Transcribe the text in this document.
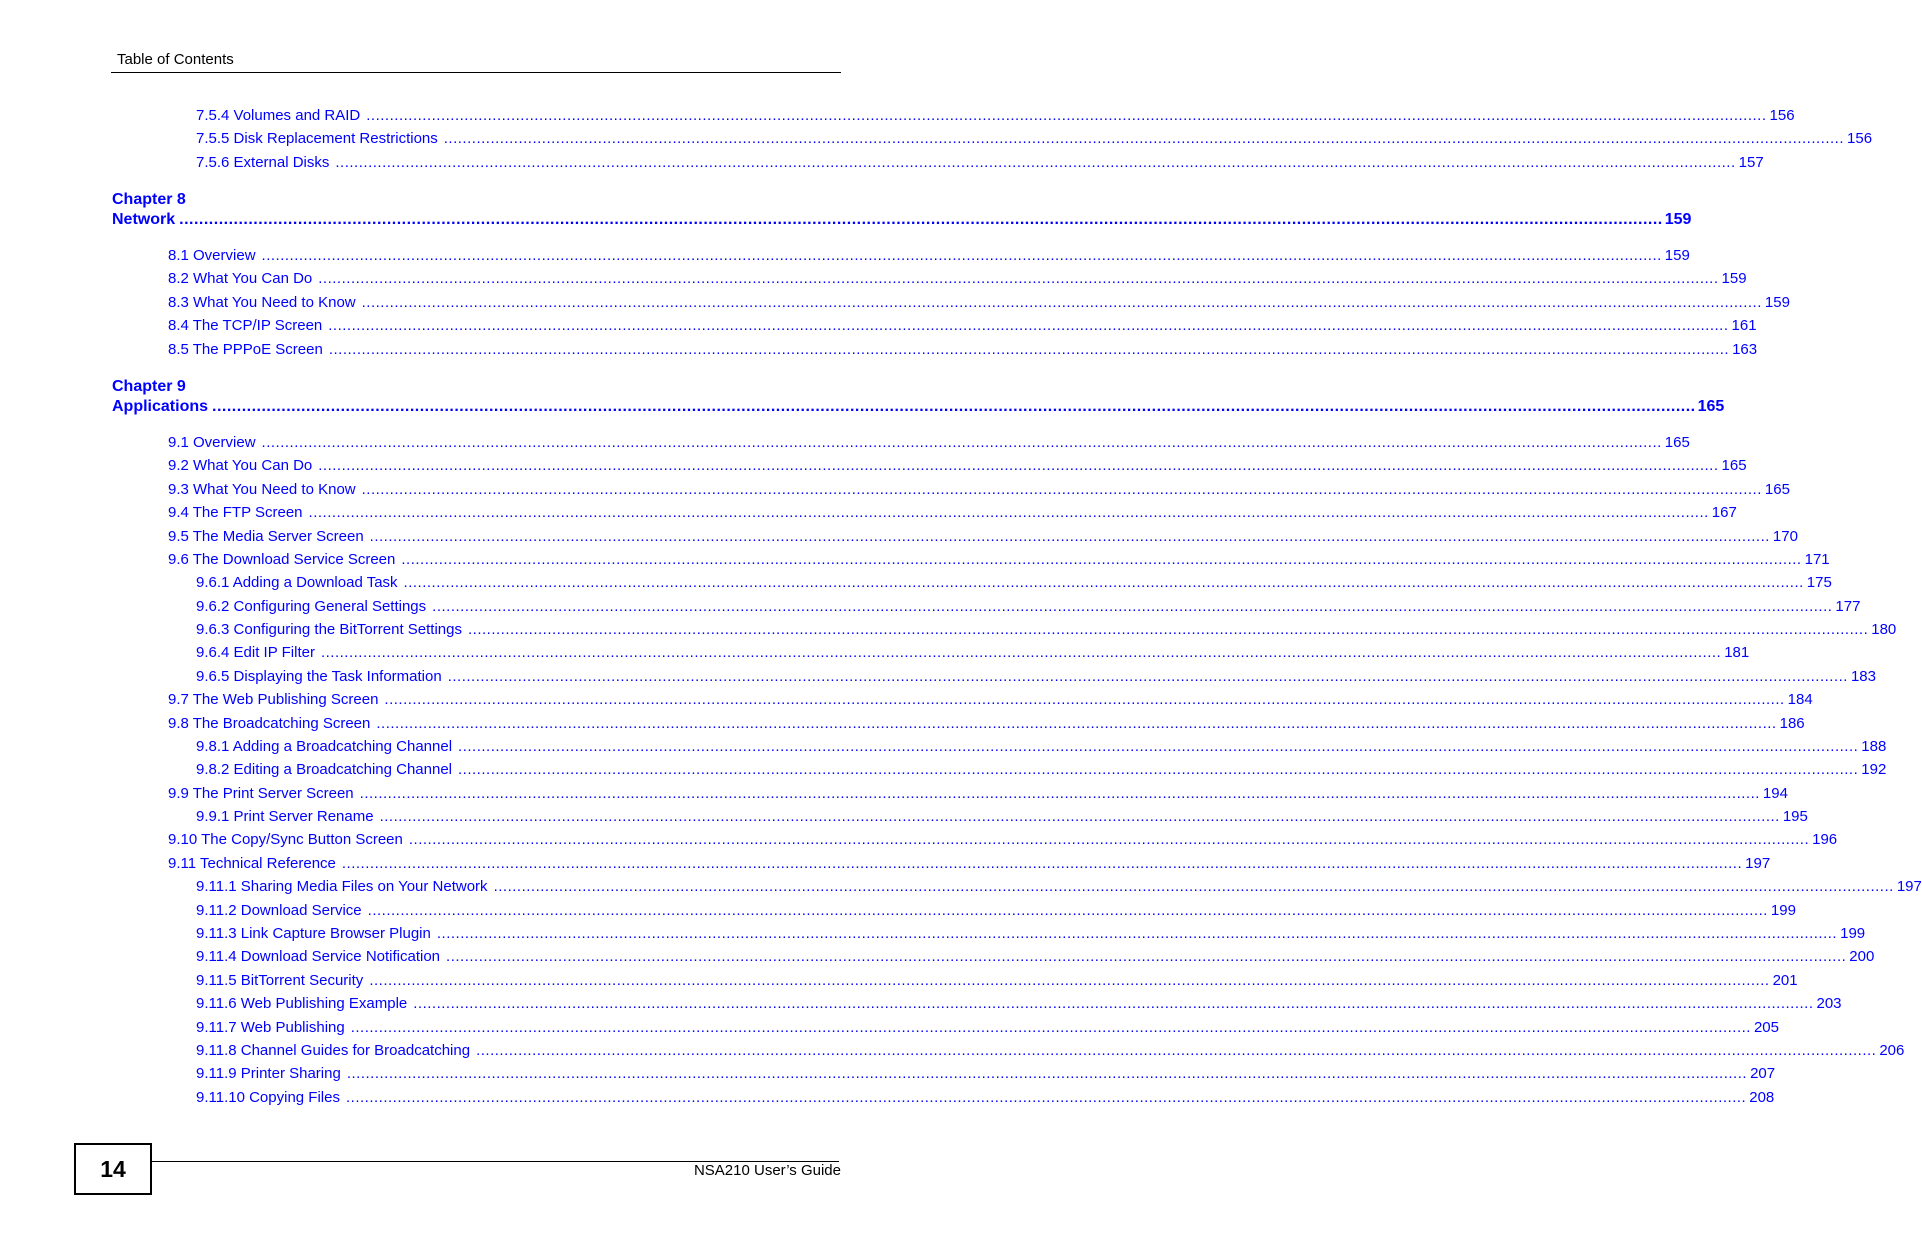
Table of Contents
7.5.4 Volumes and RAID ............................................................................................................................................................................................................................................................................................................ 156
7.5.5 Disk Replacement Restrictions ............................................................................................................................................................................................................................................................................................................ 156
7.5.6 External Disks ............................................................................................................................................................................................................................................................................................................ 157
Chapter 8
Network ............................................................................................................................................................................................................................................................................................................ 159
8.1 Overview ............................................................................................................................................................................................................................................................................................................ 159
8.2 What You Can Do ............................................................................................................................................................................................................................................................................................................ 159
8.3 What You Need to Know ............................................................................................................................................................................................................................................................................................................ 159
8.4 The TCP/IP Screen ............................................................................................................................................................................................................................................................................................................ 161
8.5 The PPPoE Screen ............................................................................................................................................................................................................................................................................................................ 163
Chapter 9
Applications ............................................................................................................................................................................................................................................................................................................ 165
9.1 Overview ............................................................................................................................................................................................................................................................................................................ 165
9.2 What You Can Do ............................................................................................................................................................................................................................................................................................................ 165
9.3 What You Need to Know ............................................................................................................................................................................................................................................................................................................ 165
9.4 The FTP Screen ............................................................................................................................................................................................................................................................................................................ 167
9.5 The Media Server Screen ............................................................................................................................................................................................................................................................................................................ 170
9.6 The Download Service Screen ............................................................................................................................................................................................................................................................................................................ 171
9.6.1 Adding a Download Task ............................................................................................................................................................................................................................................................................................................ 175
9.6.2 Configuring General Settings ............................................................................................................................................................................................................................................................................................................ 177
9.6.3 Configuring the BitTorrent Settings ............................................................................................................................................................................................................................................................................................................ 180
9.6.4 Edit IP Filter ............................................................................................................................................................................................................................................................................................................ 181
9.6.5 Displaying the Task Information ............................................................................................................................................................................................................................................................................................................ 183
9.7 The Web Publishing Screen ............................................................................................................................................................................................................................................................................................................ 184
9.8 The Broadcatching Screen ............................................................................................................................................................................................................................................................................................................ 186
9.8.1 Adding a Broadcatching Channel ............................................................................................................................................................................................................................................................................................................ 188
9.8.2 Editing a Broadcatching Channel ............................................................................................................................................................................................................................................................................................................ 192
9.9 The Print Server Screen ............................................................................................................................................................................................................................................................................................................ 194
9.9.1 Print Server Rename ............................................................................................................................................................................................................................................................................................................ 195
9.10 The Copy/Sync Button Screen ............................................................................................................................................................................................................................................................................................................ 196
9.11 Technical Reference ............................................................................................................................................................................................................................................................................................................ 197
9.11.1 Sharing Media Files on Your Network ............................................................................................................................................................................................................................................................................................................ 197
9.11.2 Download Service ............................................................................................................................................................................................................................................................................................................ 199
9.11.3 Link Capture Browser Plugin ............................................................................................................................................................................................................................................................................................................ 199
9.11.4 Download Service Notification ............................................................................................................................................................................................................................................................................................................ 200
9.11.5 BitTorrent Security ............................................................................................................................................................................................................................................................................................................ 201
9.11.6 Web Publishing Example ............................................................................................................................................................................................................................................................................................................ 203
9.11.7 Web Publishing ............................................................................................................................................................................................................................................................................................................ 205
9.11.8 Channel Guides for Broadcatching ............................................................................................................................................................................................................................................................................................................ 206
9.11.9 Printer Sharing ............................................................................................................................................................................................................................................................................................................ 207
9.11.10 Copying Files ............................................................................................................................................................................................................................................................................................................ 208
14	NSA210 User’s Guide
